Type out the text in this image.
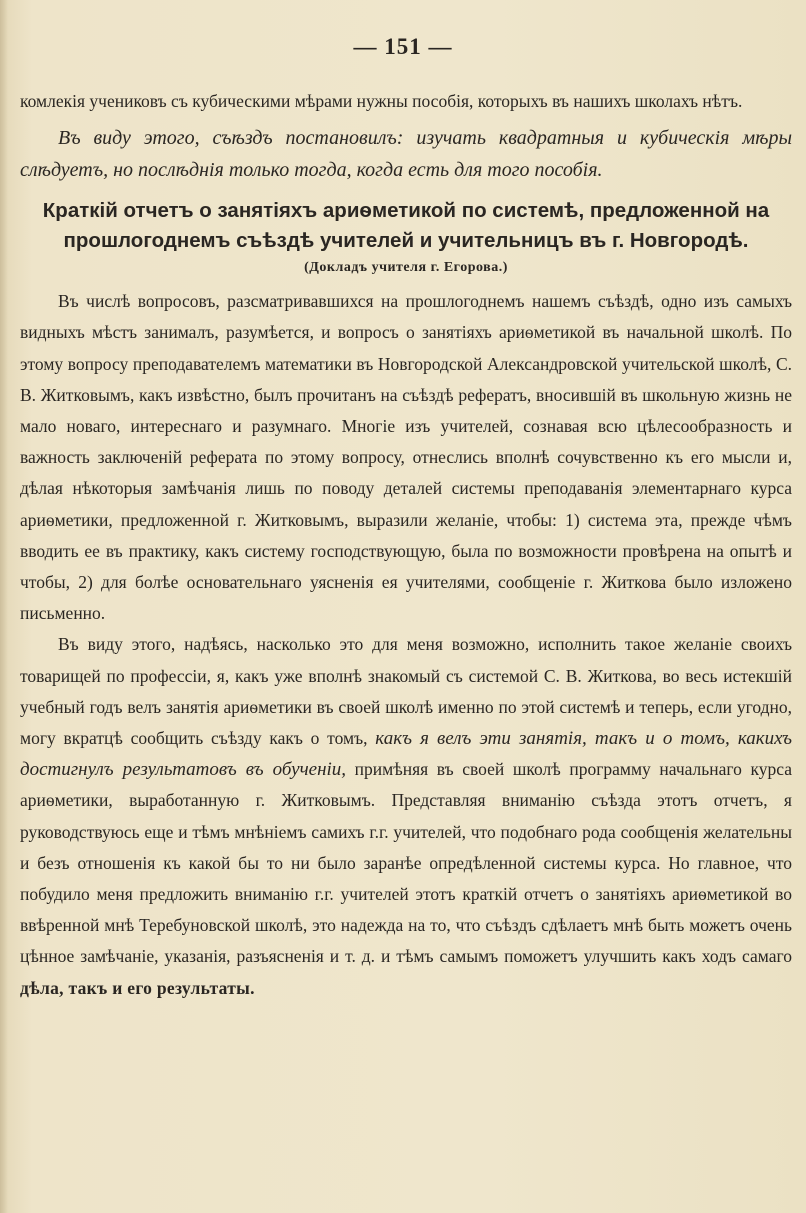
— 151 —

комлекія учениковъ съ кубическими мѣрами нужны пособія, которыхъ въ нашихъ школахъ нѣтъ.

Въ виду этого, съѣздъ постановилъ: изучать квадратныя и кубическія мѣры слѣдуетъ, но послѣднія только тогда, когда есть для того пособія.

Краткій отчетъ о занятіяхъ ариѳметикой по системѣ, предложенной на прошлогоднемъ съѣздѣ учителей и учительницъ въ г. Новгородѣ.
(Докладъ учителя г. Егорова.)

Въ числѣ вопросовъ, разсматривавшихся на прошлогоднемъ нашемъ съѣздѣ, одно изъ самыхъ видныхъ мѣстъ занималъ, разумѣется, и вопросъ о занятіяхъ ариѳметикой въ начальной школѣ. По этому вопросу преподавателемъ математики въ Новгородской Александровской учительской школѣ, С. В. Житковымъ, какъ извѣстно, былъ прочитанъ на съѣздѣ рефератъ, вносившій въ школьную жизнь не мало новаго, интереснаго и разумнаго. Многіе изъ учителей, сознавая всю цѣлесообразность и важность заключеній реферата по этому вопросу, отнеслись вполнѣ сочувственно къ его мысли и, дѣлая нѣкоторыя замѣчанія лишь по поводу деталей системы преподаванія элементарнаго курса ариѳметики, предложенной г. Житковымъ, выразили желаніе, чтобы: 1) система эта, прежде чѣмъ вводить ее въ практику, какъ систему господствующую, была по возможности провѣрена на опытѣ и чтобы, 2) для болѣе основательнаго уясненія ея учителями, сообщеніе г. Житкова было изложено письменно.

Въ виду этого, надѣясь, насколько это для меня возможно, исполнить такое желаніе своихъ товарищей по профессіи, я, какъ уже вполнѣ знакомый съ системой С. В. Житкова, во весь истекшій учебный годъ велъ занятія ариѳметики въ своей школѣ именно по этой системѣ и теперь, если угодно, могу вкратцѣ сообщить съѣзду какъ о томъ, какъ я велъ эти занятія, такъ и о томъ, какихъ достигнулъ результатовъ въ обученіи, примѣняя въ своей школѣ программу начальнаго курса ариѳметики, выработанную г. Житковымъ. Представляя вниманію съѣзда этотъ отчетъ, я руководствуюсь еще и тѣмъ мнѣніемъ самихъ г.г. учителей, что подобнаго рода сообщенія желательны и безъ отношенія къ какой бы то ни было заранѣе опредѣленной системы курса. Но главное, что побудило меня предложить вниманію г.г. учителей этотъ краткій отчетъ о занятіяхъ ариѳметикой во ввѣренной мнѣ Теребуновской школѣ, это надежда на то, что съѣздъ сдѣлаетъ мнѣ быть можетъ очень цѣнное замѣчаніе, указанія, разъясненія и т. д. и тѣмъ самымъ поможетъ улучшить какъ ходъ самаго дѣла, такъ и его результаты.
